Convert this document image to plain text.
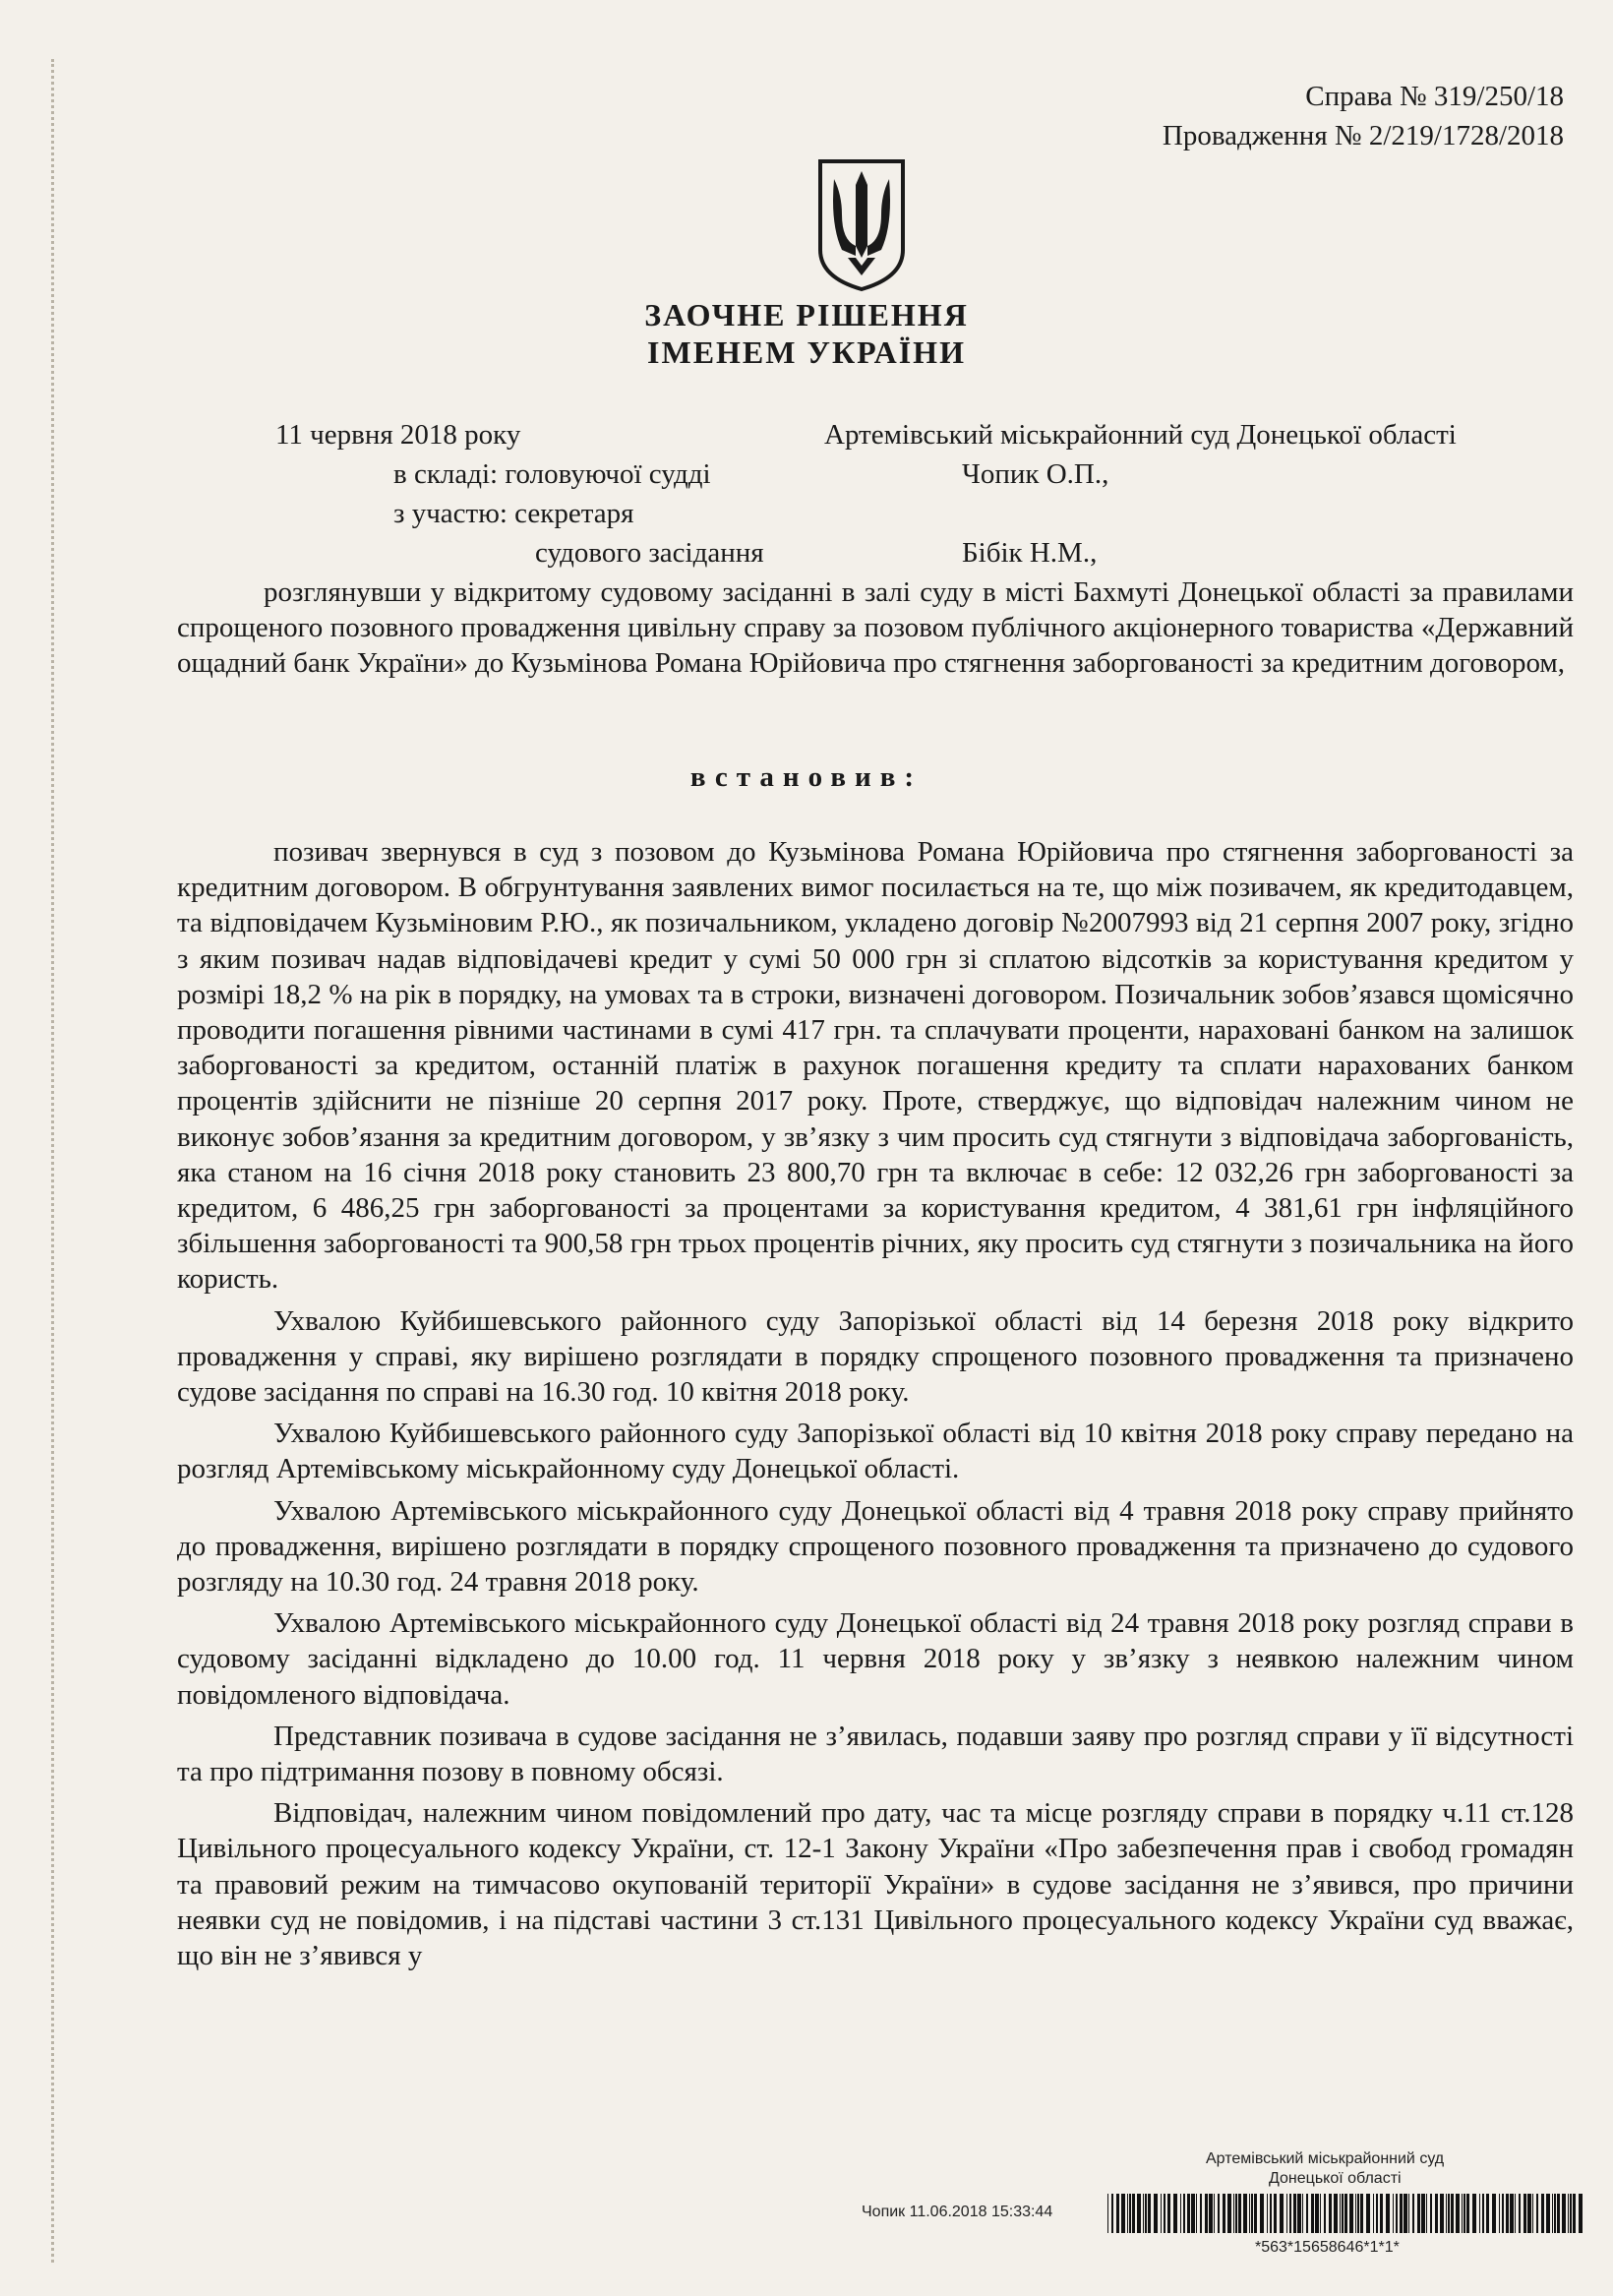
Справа № 319/250/18
Провадження № 2/219/1728/2018
ЗАОЧНЕ РІШЕННЯ
ІМЕНЕМ УКРАЇНИ
11 червня 2018 року	Артемівський міськрайонний суд Донецької області
в складі: головуючої судді	Чопик О.П.,
з участю: секретаря
судового засідання	Бібік Н.М.,
розглянувши у відкритому судовому засіданні в залі суду в місті Бахмуті Донецької області за правилами спрощеного позовного провадження цивільну справу за позовом публічного акціонерного товариства «Державний ощадний банк України» до Кузьмінова Романа Юрійовича про стягнення заборгованості за кредитним договором,
встановив:

позивач звернувся в суд з позовом до Кузьмінова Романа Юрійовича про стягнення заборгованості за кредитним договором. В обгрунтування заявлених вимог посилається на те, що між позивачем, як кредитодавцем, та відповідачем Кузьміновим Р.Ю., як позичальником, укладено договір №2007993 від 21 серпня 2007 року, згідно з яким позивач надав відповідачеві кредит у сумі 50 000 грн зі сплатою відсотків за користування кредитом у розмірі 18,2 % на рік в порядку, на умовах та в строки, визначені договором. Позичальник зобов’язався щомісячно проводити погашення рівними частинами в сумі 417 грн. та сплачувати проценти, нараховані банком на залишок заборгованості за кредитом, останній платіж в рахунок погашення кредиту та сплати нарахованих банком процентів здійснити не пізніше 20 серпня 2017 року. Проте, стверджує, що відповідач належним чином не виконує зобов’язання за кредитним договором, у зв’язку з чим просить суд стягнути з відповідача заборгованість, яка станом на 16 січня 2018 року становить 23 800,70 грн та включає в себе: 12 032,26 грн заборгованості за кредитом, 6 486,25 грн заборгованості за процентами за користування кредитом, 4 381,61 грн інфляційного збільшення заборгованості та 900,58 грн трьох процентів річних, яку просить суд стягнути з позичальника на його користь.

Ухвалою Куйбишевського районного суду Запорізької області від 14 березня 2018 року відкрито провадження у справі, яку вирішено розглядати в порядку спрощеного позовного провадження та призначено судове засідання по справі на 16.30 год. 10 квітня 2018 року.

Ухвалою Куйбишевського районного суду Запорізької області від 10 квітня 2018 року справу передано на розгляд Артемівському міськрайонному суду Донецької області.

Ухвалою Артемівського міськрайонного суду Донецької області від 4 травня 2018 року справу прийнято до провадження, вирішено розглядати в порядку спрощеного позовного провадження та призначено до судового розгляду на 10.30 год. 24 травня 2018 року.

Ухвалою Артемівського міськрайонного суду Донецької області від 24 травня 2018 року розгляд справи в судовому засіданні відкладено до 10.00 год. 11 червня 2018 року у зв’язку з неявкою належним чином повідомленого відповідача.

Представник позивача в судове засідання не з’явилась, подавши заяву про розгляд справи у її відсутності та про підтримання позову в повному обсязі.

Відповідач, належним чином повідомлений про дату, час та місце розгляду справи в порядку ч.11 ст.128 Цивільного процесуального кодексу України, ст. 12-1 Закону України «Про забезпечення прав і свобод громадян та правовий режим на тимчасово окупованій території України» в судове засідання не з’явився, про причини неявки суд не повідомив, і на підставі частини 3 ст.131 Цивільного процесуального кодексу України суд вважає, що він не з’явився у

Артемівський міськрайонний суд
Донецької області
Чопик 11.06.2018 15:33:44
*563*15658646*1*1*
